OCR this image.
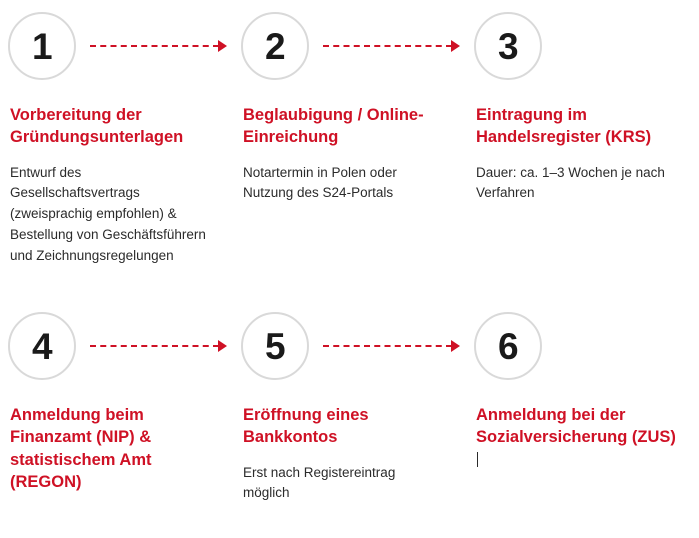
1

Vorbereitung der Gründungsunterlagen

Entwurf des Gesellschaftsvertrags (zweisprachig empfohlen) & Bestellung von Geschäftsführern und Zeichnungsregelungen

2

Beglaubigung / Online-Einreichung

Notartermin in Polen oder Nutzung des S24-Portals

3

Eintragung im Handelsregister (KRS)

Dauer: ca. 1–3 Wochen je nach Verfahren

4

Anmeldung beim Finanzamt (NIP) & statistischem Amt (REGON)

5

Eröffnung eines Bankkontos

Erst nach Registereintrag möglich

6

Anmeldung bei der Sozialversicherung (ZUS)
